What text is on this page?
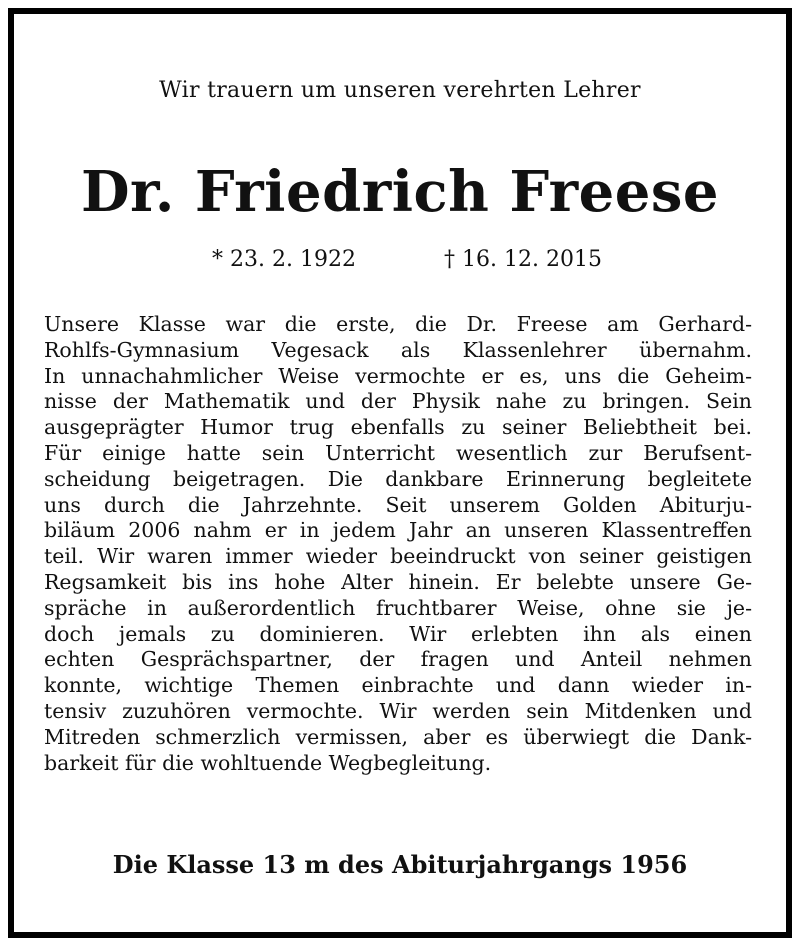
Wir trauern um unseren verehrten Lehrer
Dr. Friedrich Freese
* 23. 2. 1922	† 16. 12. 2015
Unsere Klasse war die erste, die Dr. Freese am Gerhard-
Rohlfs-Gymnasium Vegesack als Klassenlehrer übernahm.
In unnachahmlicher Weise vermochte er es, uns die Geheim-
nisse der Mathematik und der Physik nahe zu bringen. Sein
ausgeprägter Humor trug ebenfalls zu seiner Beliebtheit bei.
Für einige hatte sein Unterricht wesentlich zur Berufsent-
scheidung beigetragen. Die dankbare Erinnerung begleitete
uns durch die Jahrzehnte. Seit unserem Golden Abiturju-
biläum 2006 nahm er in jedem Jahr an unseren Klassentreffen
teil. Wir waren immer wieder beeindruckt von seiner geistigen
Regsamkeit bis ins hohe Alter hinein. Er belebte unsere Ge-
spräche in außerordentlich fruchtbarer Weise, ohne sie je-
doch jemals zu dominieren. Wir erlebten ihn als einen
echten Gesprächspartner, der fragen und Anteil nehmen
konnte, wichtige Themen einbrachte und dann wieder in-
tensiv zuzuhören vermochte. Wir werden sein Mitdenken und
Mitreden schmerzlich vermissen, aber es überwiegt die Dank-
barkeit für die wohltuende Wegbegleitung.
Die Klasse 13 m des Abiturjahrgangs 1956
